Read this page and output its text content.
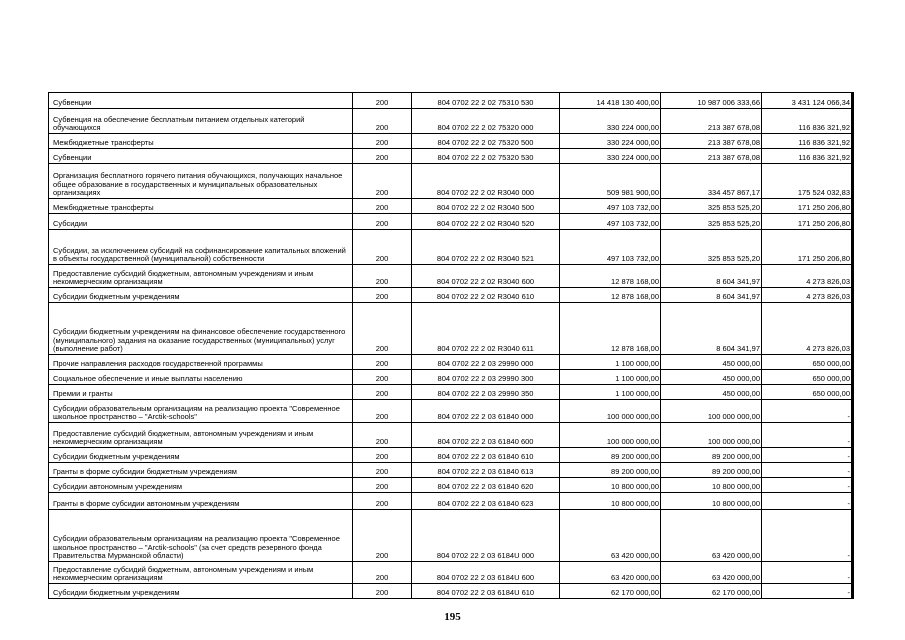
Субвенции	200	804 0702 22 2 02 75310 530	14 418 130 400,00	10 987 006 333,66	3 431 124 066,34
Субвенция на обеспечение бесплатным питанием отдельных категорий обучающихся	200	804 0702 22 2 02 75320 000	330 224 000,00	213 387 678,08	116 836 321,92
Межбюджетные трансферты	200	804 0702 22 2 02 75320 500	330 224 000,00	213 387 678,08	116 836 321,92
Субвенции	200	804 0702 22 2 02 75320 530	330 224 000,00	213 387 678,08	116 836 321,92
Организация бесплатного горячего питания обучающихся, получающих начальное общее образование в государственных и муниципальных образовательных организациях	200	804 0702 22 2 02 R3040 000	509 981 900,00	334 457 867,17	175 524 032,83
Межбюджетные трансферты	200	804 0702 22 2 02 R3040 500	497 103 732,00	325 853 525,20	171 250 206,80
Субсидии	200	804 0702 22 2 02 R3040 520	497 103 732,00	325 853 525,20	171 250 206,80
Субсидии, за исключением субсидий на софинансирование капитальных вложений в объекты государственной (муниципальной) собственности	200	804 0702 22 2 02 R3040 521	497 103 732,00	325 853 525,20	171 250 206,80
Предоставление субсидий бюджетным, автономным учреждениям и иным некоммерческим организациям	200	804 0702 22 2 02 R3040 600	12 878 168,00	8 604 341,97	4 273 826,03
Субсидии бюджетным учреждениям	200	804 0702 22 2 02 R3040 610	12 878 168,00	8 604 341,97	4 273 826,03
Субсидии бюджетным учреждениям на финансовое обеспечение государственного (муниципального) задания на оказание государственных (муниципальных) услуг (выполнение работ)	200	804 0702 22 2 02 R3040 611	12 878 168,00	8 604 341,97	4 273 826,03
Прочие направления расходов государственной программы	200	804 0702 22 2 03 29990 000	1 100 000,00	450 000,00	650 000,00
Социальное обеспечение и иные выплаты населению	200	804 0702 22 2 03 29990 300	1 100 000,00	450 000,00	650 000,00
Премии и гранты	200	804 0702 22 2 03 29990 350	1 100 000,00	450 000,00	650 000,00
Субсидии образовательным организациям на реализацию проекта "Современное школьное пространство – "Arctik-schools"	200	804 0702 22 2 03 61840 000	100 000 000,00	100 000 000,00	-
Предоставление субсидий бюджетным, автономным учреждениям и иным некоммерческим организациям	200	804 0702 22 2 03 61840 600	100 000 000,00	100 000 000,00	-
Субсидии бюджетным учреждениям	200	804 0702 22 2 03 61840 610	89 200 000,00	89 200 000,00	-
Гранты в форме субсидии бюджетным учреждениям	200	804 0702 22 2 03 61840 613	89 200 000,00	89 200 000,00	-
Субсидии автономным учреждениям	200	804 0702 22 2 03 61840 620	10 800 000,00	10 800 000,00	-
Гранты в форме субсидии автономным учреждениям	200	804 0702 22 2 03 61840 623	10 800 000,00	10 800 000,00	-
Субсидии образовательным организациям на реализацию проекта "Современное школьное пространство – "Arctik-schools" (за счет средств резервного фонда Правительства Мурманской области)	200	804 0702 22 2 03 6184U 000	63 420 000,00	63 420 000,00	-
Предоставление субсидий бюджетным, автономным учреждениям и иным некоммерческим организациям	200	804 0702 22 2 03 6184U 600	63 420 000,00	63 420 000,00	-
Субсидии бюджетным учреждениям	200	804 0702 22 2 03 6184U 610	62 170 000,00	62 170 000,00	-
195
